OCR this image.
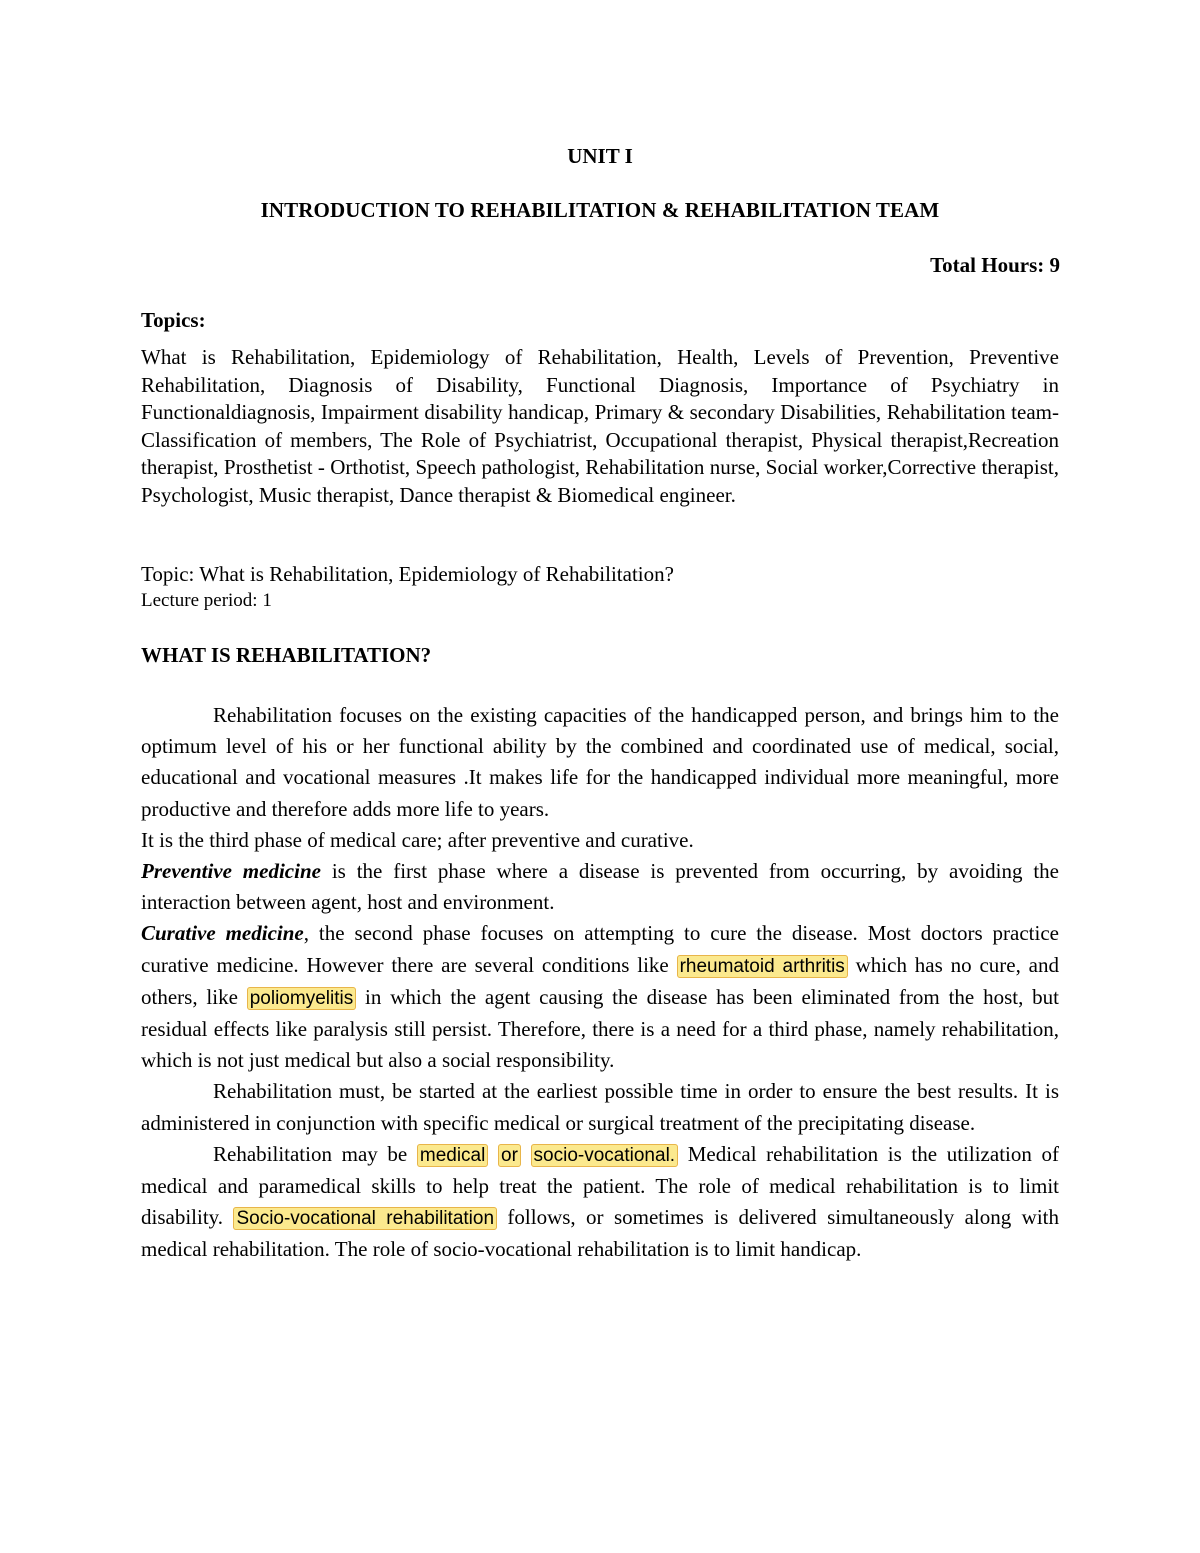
UNIT I
INTRODUCTION TO REHABILITATION & REHABILITATION TEAM
Total Hours: 9
Topics:

What is Rehabilitation, Epidemiology of Rehabilitation, Health, Levels of Prevention, Preventive Rehabilitation, Diagnosis of Disability, Functional Diagnosis, Importance of Psychiatry in Functionaldiagnosis, Impairment disability handicap, Primary & secondary Disabilities, Rehabilitation team-Classification of members, The Role of Psychiatrist, Occupational therapist, Physical therapist,Recreation therapist, Prosthetist - Orthotist, Speech pathologist, Rehabilitation nurse, Social worker,Corrective therapist, Psychologist, Music therapist, Dance therapist & Biomedical engineer.

Topic: What is Rehabilitation, Epidemiology of Rehabilitation?
Lecture period: 1
WHAT IS REHABILITATION?

Rehabilitation focuses on the existing capacities of the handicapped person, and brings him to the optimum level of his or her functional ability by the combined and coordinated use of medical, social, educational and vocational measures .It makes life for the handicapped individual more meaningful, more productive and therefore adds more life to years.

It is the third phase of medical care; after preventive and curative.

Preventive medicine is the first phase where a disease is prevented from occurring, by avoiding the interaction between agent, host and environment.

Curative medicine, the second phase focuses on attempting to cure the disease. Most doctors practice curative medicine. However there are several conditions like rheumatoid arthritis which has no cure, and others, like poliomyelitis in which the agent causing the disease has been eliminated from the host, but residual effects like paralysis still persist. Therefore, there is a need for a third phase, namely rehabilitation, which is not just medical but also a social responsibility.

Rehabilitation must, be started at the earliest possible time in order to ensure the best results. It is administered in conjunction with specific medical or surgical treatment of the precipitating disease.

Rehabilitation may be medical or socio-vocational. Medical rehabilitation is the utilization of medical and paramedical skills to help treat the patient. The role of medical rehabilitation is to limit disability. Socio-vocational rehabilitation follows, or sometimes is delivered simultaneously along with medical rehabilitation. The role of socio-vocational rehabilitation is to limit handicap.
